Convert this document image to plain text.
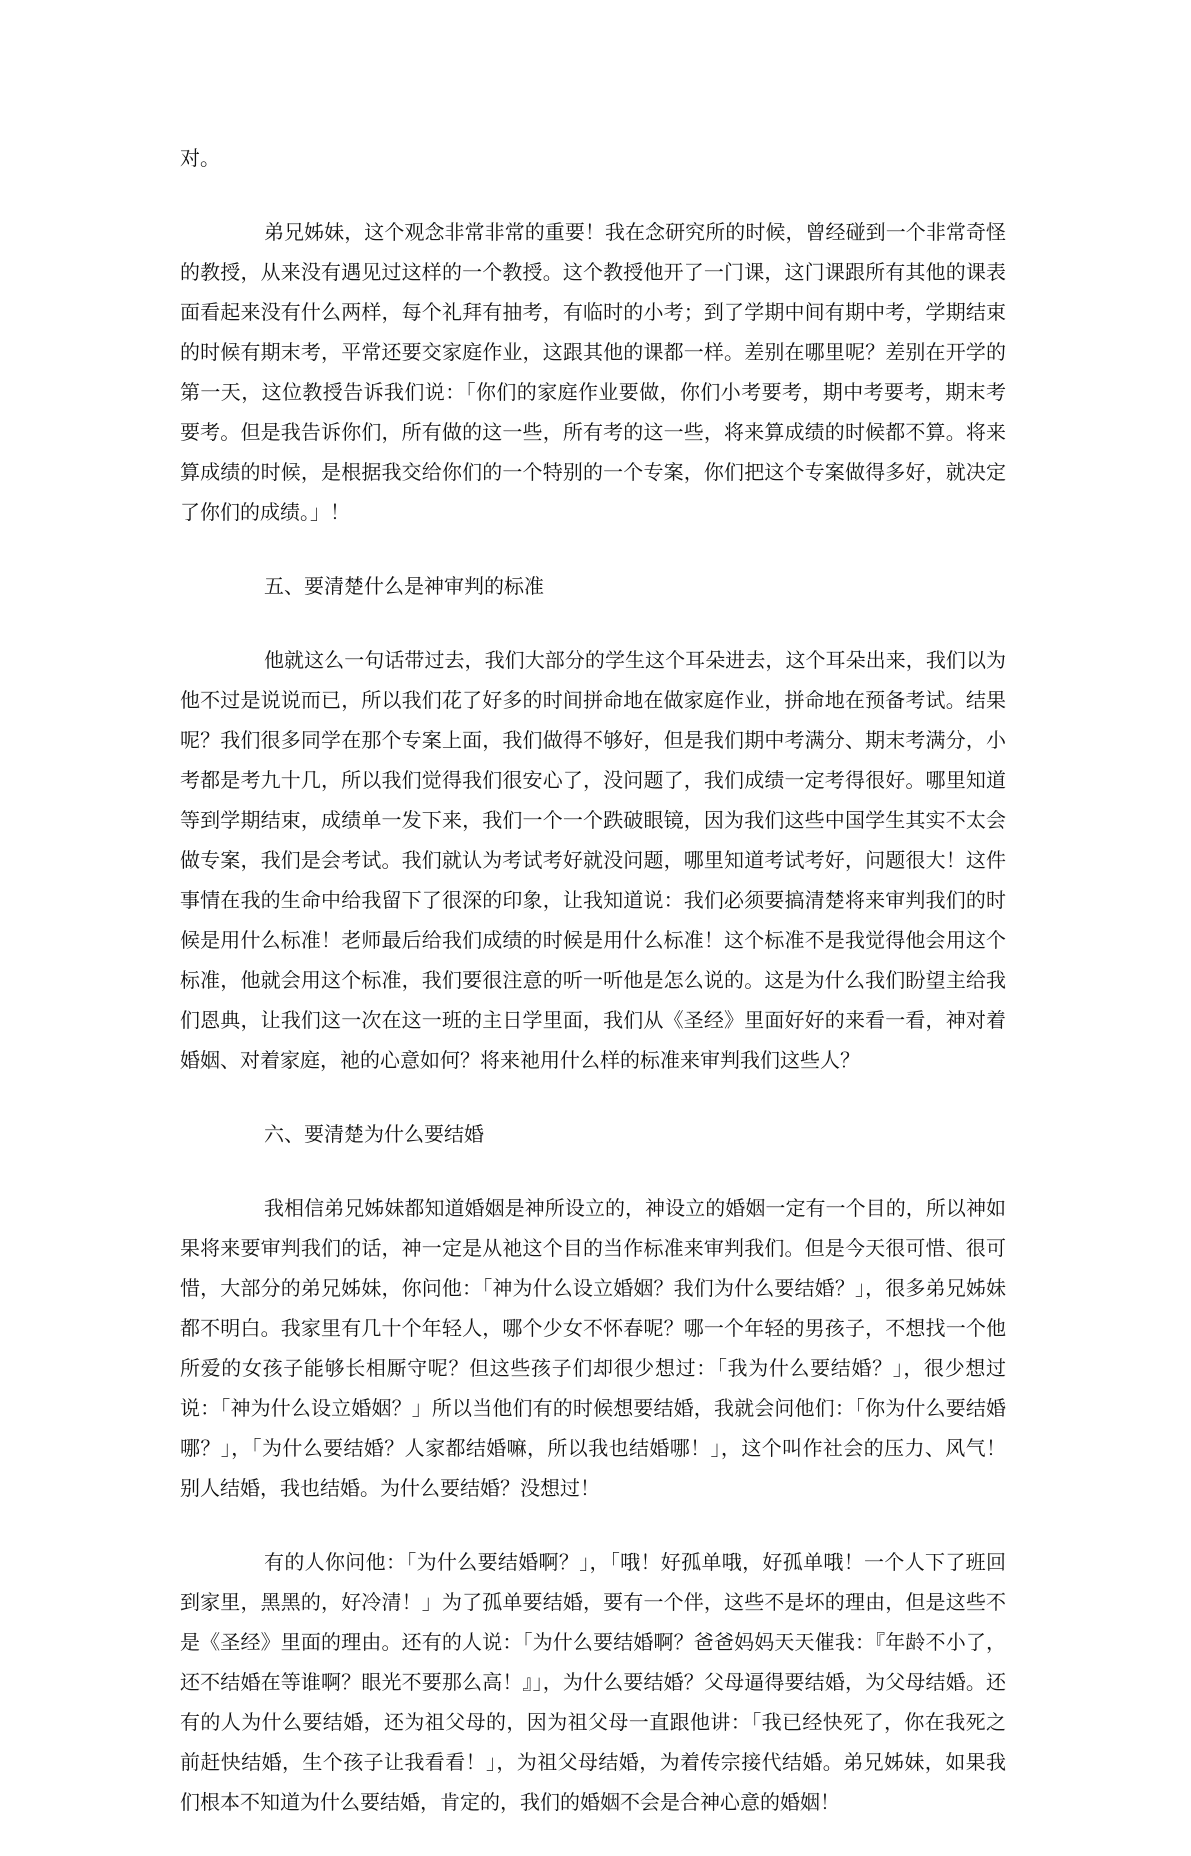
对。

弟兄姊妹，这个观念非常非常的重要！我在念研究所的时候，曾经碰到一个非常奇怪的教授，从来没有遇见过这样的一个教授。这个教授他开了一门课，这门课跟所有其他的课表面看起来没有什么两样，每个礼拜有抽考，有临时的小考；到了学期中间有期中考，学期结束的时候有期末考，平常还要交家庭作业，这跟其他的课都一样。差别在哪里呢？差别在开学的第一天，这位教授告诉我们说：「你们的家庭作业要做，你们小考要考，期中考要考，期末考要考。但是我告诉你们，所有做的这一些，所有考的这一些，将来算成绩的时候都不算。将来算成绩的时候，是根据我交给你们的一个特别的一个专案，你们把这个专案做得多好，就决定了你们的成绩。」！

五、要清楚什么是神审判的标准

他就这么一句话带过去，我们大部分的学生这个耳朵进去，这个耳朵出来，我们以为他不过是说说而已，所以我们花了好多的时间拼命地在做家庭作业，拼命地在预备考试。结果呢？我们很多同学在那个专案上面，我们做得不够好，但是我们期中考满分、期末考满分，小考都是考九十几，所以我们觉得我们很安心了，没问题了，我们成绩一定考得很好。哪里知道等到学期结束，成绩单一发下来，我们一个一个跌破眼镜，因为我们这些中国学生其实不太会做专案，我们是会考试。我们就认为考试考好就没问题，哪里知道考试考好，问题很大！这件事情在我的生命中给我留下了很深的印象，让我知道说：我们必须要搞清楚将来审判我们的时候是用什么标准！老师最后给我们成绩的时候是用什么标准！这个标准不是我觉得他会用这个标准，他就会用这个标准，我们要很注意的听一听他是怎么说的。这是为什么我们盼望主给我们恩典，让我们这一次在这一班的主日学里面，我们从《圣经》里面好好的来看一看，神对着婚姻、对着家庭，祂的心意如何？将来祂用什么样的标准来审判我们这些人？

六、要清楚为什么要结婚

我相信弟兄姊妹都知道婚姻是神所设立的，神设立的婚姻一定有一个目的，所以神如果将来要审判我们的话，神一定是从祂这个目的当作标准来审判我们。但是今天很可惜、很可惜，大部分的弟兄姊妹，你问他：「神为什么设立婚姻？我们为什么要结婚？」，很多弟兄姊妹都不明白。我家里有几十个年轻人，哪个少女不怀春呢？哪一个年轻的男孩子，不想找一个他所爱的女孩子能够长相厮守呢？但这些孩子们却很少想过：「我为什么要结婚？」，很少想过说：「神为什么设立婚姻？」所以当他们有的时候想要结婚，我就会问他们：「你为什么要结婚哪？」，「为什么要结婚？人家都结婚嘛，所以我也结婚哪！」，这个叫作社会的压力、风气！别人结婚，我也结婚。为什么要结婚？没想过！

有的人你问他：「为什么要结婚啊？」，「哦！好孤单哦，好孤单哦！一个人下了班回到家里，黑黑的，好冷清！」为了孤单要结婚，要有一个伴，这些不是坏的理由，但是这些不是《圣经》里面的理由。还有的人说：「为什么要结婚啊？爸爸妈妈天天催我：『年龄不小了，还不结婚在等谁啊？眼光不要那么高！』」，为什么要结婚？父母逼得要结婚，为父母结婚。还有的人为什么要结婚，还为祖父母的，因为祖父母一直跟他讲：「我已经快死了，你在我死之前赶快结婚，生个孩子让我看看！」，为祖父母结婚，为着传宗接代结婚。弟兄姊妹，如果我们根本不知道为什么要结婚，肯定的，我们的婚姻不会是合神心意的婚姻！
